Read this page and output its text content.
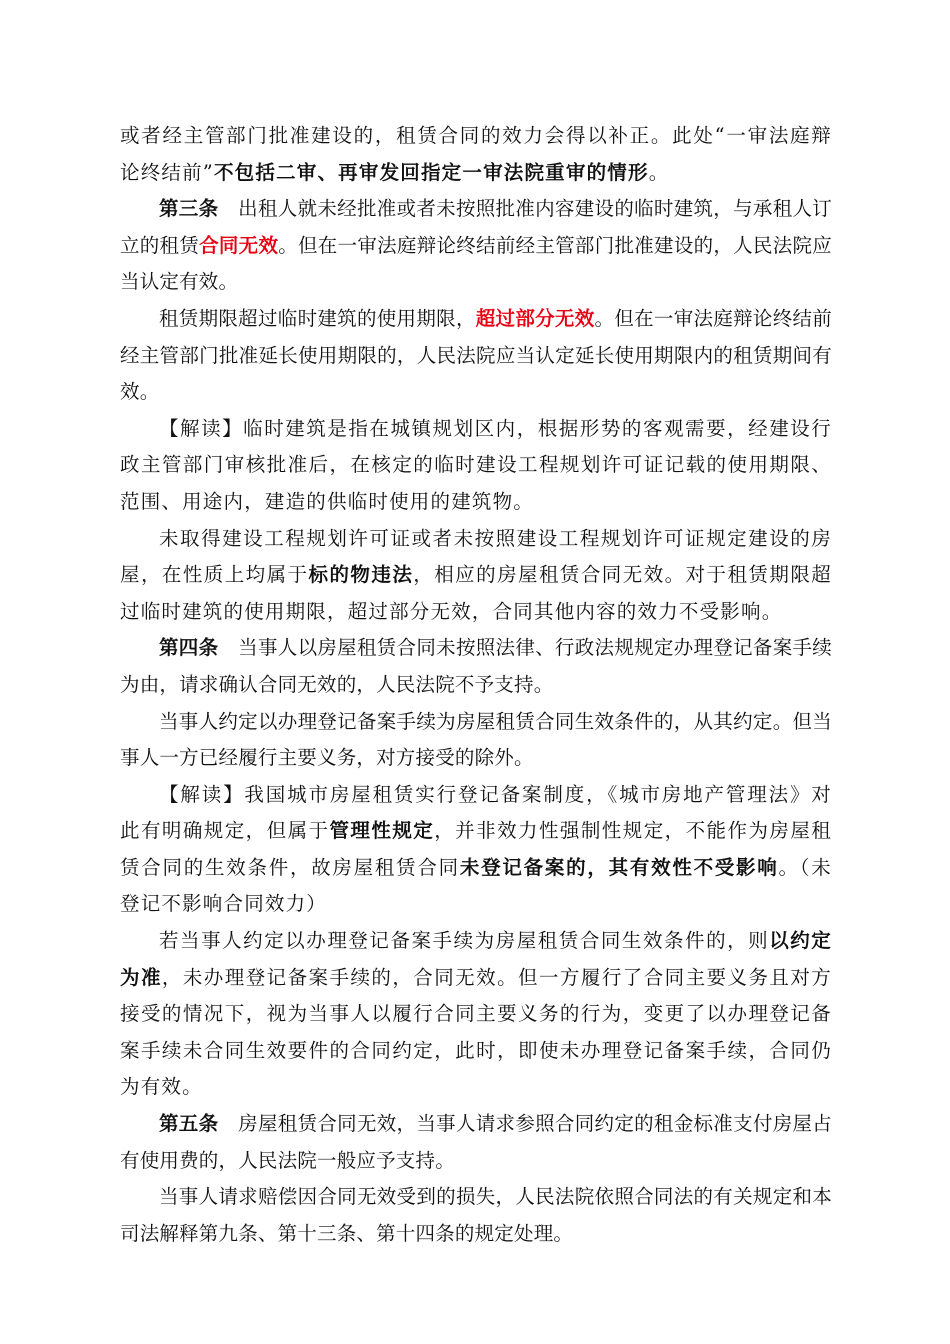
或者经主管部门批准建设的，租赁合同的效力会得以补正。此处“一审法庭辩论终结前”不包括二审、再审发回指定一审法院重审的情形。

第三条　出租人就未经批准或者未按照批准内容建设的临时建筑，与承租人订立的租赁合同无效。但在一审法庭辩论终结前经主管部门批准建设的，人民法院应当认定有效。

租赁期限超过临时建筑的使用期限，超过部分无效。但在一审法庭辩论终结前经主管部门批准延长使用期限的，人民法院应当认定延长使用期限内的租赁期间有效。

【解读】临时建筑是指在城镇规划区内，根据形势的客观需要，经建设行政主管部门审核批准后，在核定的临时建设工程规划许可证记载的使用期限、范围、用途内，建造的供临时使用的建筑物。

未取得建设工程规划许可证或者未按照建设工程规划许可证规定建设的房屋，在性质上均属于标的物违法，相应的房屋租赁合同无效。对于租赁期限超过临时建筑的使用期限，超过部分无效，合同其他内容的效力不受影响。

第四条　当事人以房屋租赁合同未按照法律、行政法规规定办理登记备案手续为由，请求确认合同无效的，人民法院不予支持。

当事人约定以办理登记备案手续为房屋租赁合同生效条件的，从其约定。但当事人一方已经履行主要义务，对方接受的除外。

【解读】我国城市房屋租赁实行登记备案制度，《城市房地产管理法》对此有明确规定，但属于管理性规定，并非效力性强制性规定，不能作为房屋租赁合同的生效条件，故房屋租赁合同未登记备案的，其有效性不受影响。（未登记不影响合同效力）

若当事人约定以办理登记备案手续为房屋租赁合同生效条件的，则以约定为准，未办理登记备案手续的，合同无效。但一方履行了合同主要义务且对方接受的情况下，视为当事人以履行合同主要义务的行为，变更了以办理登记备案手续未合同生效要件的合同约定，此时，即使未办理登记备案手续，合同仍为有效。

第五条　房屋租赁合同无效，当事人请求参照合同约定的租金标准支付房屋占有使用费的，人民法院一般应予支持。

当事人请求赔偿因合同无效受到的损失，人民法院依照合同法的有关规定和本司法解释第九条、第十三条、第十四条的规定处理。
